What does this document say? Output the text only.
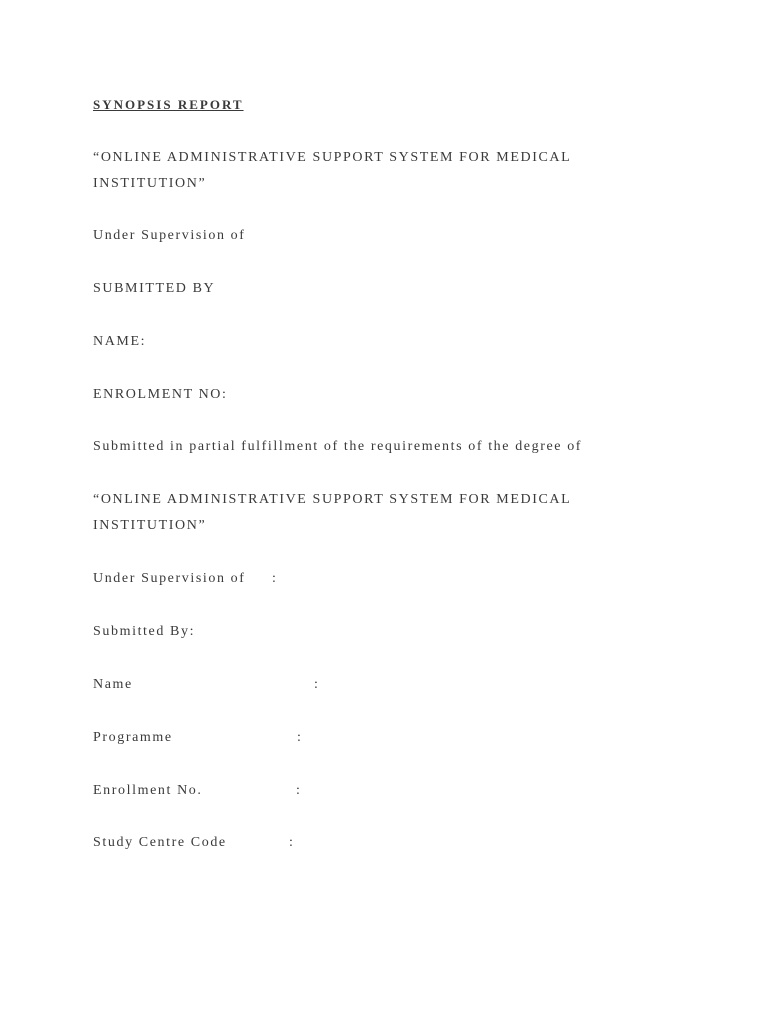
SYNOPSIS REPORT
“ONLINE ADMINISTRATIVE SUPPORT SYSTEM FOR MEDICAL
INSTITUTION”
Under Supervision of
SUBMITTED BY
NAME:
ENROLMENT NO:
Submitted in partial fulfillment of the requirements of the degree of
“ONLINE ADMINISTRATIVE SUPPORT SYSTEM FOR MEDICAL
INSTITUTION”
Under Supervision of :
Submitted By:
Name	:
Programme	:
Enrollment No.	:
Study Centre Code	:
